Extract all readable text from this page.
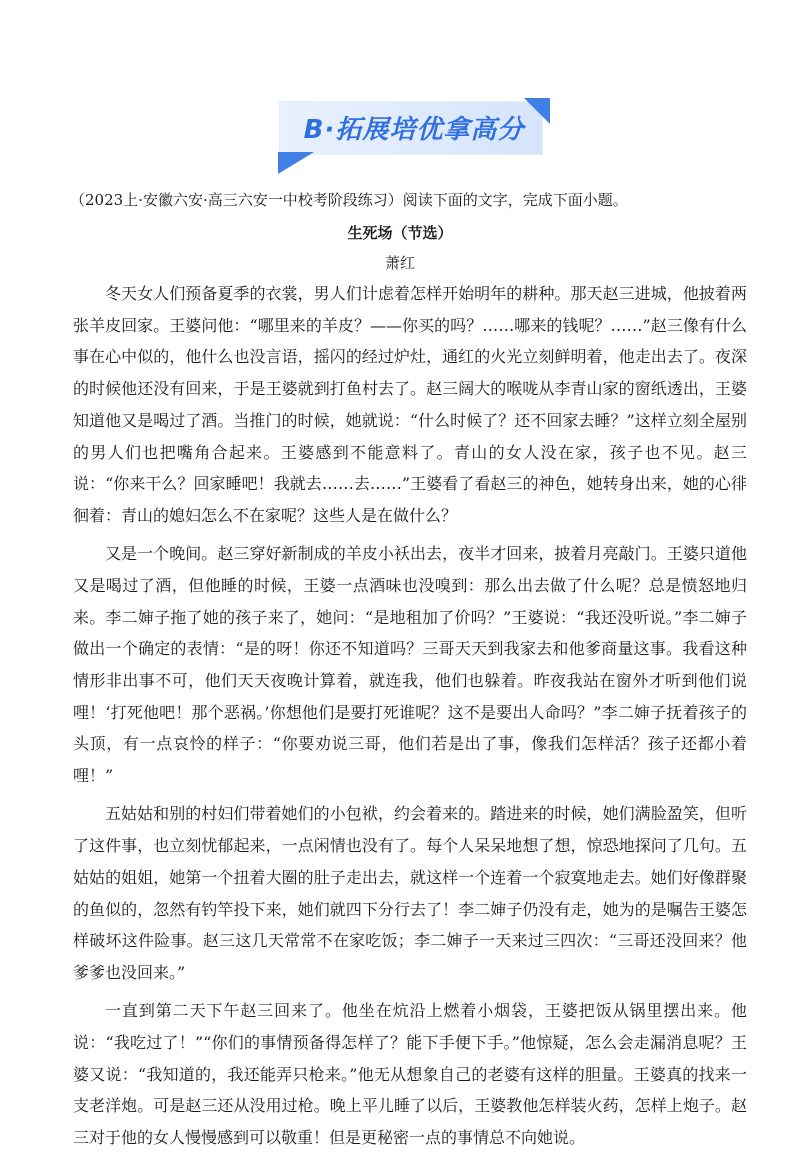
B·拓展培优拿高分
（2023上·安徽六安·高三六安一中校考阶段练习）阅读下面的文字，完成下面小题。
生死场（节选）
萧红

冬天女人们预备夏季的衣裳，男人们计虑着怎样开始明年的耕种。那天赵三进城，他披着两张羊皮回家。王婆问他：“哪里来的羊皮？——你买的吗？……哪来的钱呢？……”赵三像有什么事在心中似的，他什么也没言语，摇闪的经过炉灶，通红的火光立刻鲜明着，他走出去了。夜深的时候他还没有回来，于是王婆就到打鱼村去了。赵三阔大的喉咙从李青山家的窗纸透出，王婆知道他又是喝过了酒。当推门的时候，她就说：“什么时候了？还不回家去睡？”这样立刻全屋别的男人们也把嘴角合起来。王婆感到不能意料了。青山的女人没在家，孩子也不见。赵三说：“你来干么？回家睡吧！我就去……去……”王婆看了看赵三的神色，她转身出来，她的心徘徊着：青山的媳妇怎么不在家呢？这些人是在做什么？

又是一个晚间。赵三穿好新制成的羊皮小袄出去，夜半才回来，披着月亮敲门。王婆只道他又是喝过了酒，但他睡的时候，王婆一点酒味也没嗅到：那么出去做了什么呢？总是愤怒地归来。李二婶子拖了她的孩子来了，她问：“是地租加了价吗？”王婆说：“我还没听说。”李二婶子做出一个确定的表情：“是的呀！你还不知道吗？三哥天天到我家去和他爹商量这事。我看这种情形非出事不可，他们天天夜晚计算着，就连我，他们也躲着。昨夜我站在窗外才听到他们说哩！‘打死他吧！那个恶祸。’你想他们是要打死谁呢？这不是要出人命吗？”李二婶子抚着孩子的头顶，有一点哀怜的样子：“你要劝说三哥，他们若是出了事，像我们怎样活？孩子还都小着哩！”

五姑姑和别的村妇们带着她们的小包袱，约会着来的。踏进来的时候，她们满脸盈笑，但听了这件事，也立刻忧郁起来，一点闲情也没有了。每个人呆呆地想了想，惊恐地探问了几句。五姑姑的姐姐，她第一个扭着大圈的肚子走出去，就这样一个连着一个寂寞地走去。她们好像群聚的鱼似的，忽然有钓竿投下来，她们就四下分行去了！李二婶子仍没有走，她为的是嘱告王婆怎样破坏这件险事。赵三这几天常常不在家吃饭；李二婶子一天来过三四次：“三哥还没回来？他爹爹也没回来。”

一直到第二天下午赵三回来了。他坐在炕沿上燃着小烟袋，王婆把饭从锅里摆出来。他说：“我吃过了！”“你们的事情预备得怎样了？能下手便下手。”他惊疑，怎么会走漏消息呢？王婆又说：“我知道的，我还能弄只枪来。”他无从想象自己的老婆有这样的胆量。王婆真的找来一支老洋炮。可是赵三还从没用过枪。晚上平儿睡了以后，王婆教他怎样装火药，怎样上炮子。赵三对于他的女人慢慢感到可以敬重！但是更秘密一点的事情总不向她说。
